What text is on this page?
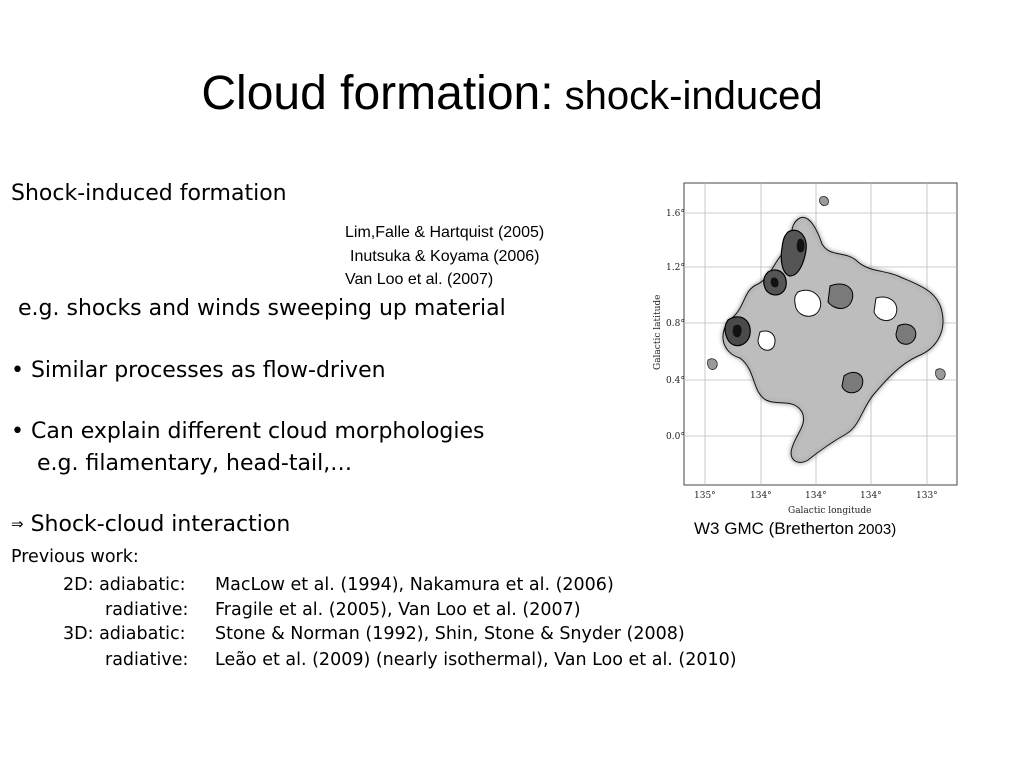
Cloud formation: shock-induced
Shock-induced formation
Lim,Falle & Hartquist (2005)
Inutsuka & Koyama (2006)
Van Loo et al. (2007)
e.g. shocks and winds sweeping up material
• Similar processes as flow-driven
• Can explain different cloud morphologies
e.g. filamentary, head-tail,…
⇒ Shock-cloud interaction
Previous work:
2D: adiabatic: MacLow et al. (1994), Nakamura et al. (2006)
radiative: Fragile et al. (2005), Van Loo et al. (2007)
3D: adiabatic: Stone & Norman (1992), Shin, Stone & Snyder (2008)
radiative: Leão et al. (2009) (nearly isothermal), Van Loo et al. (2010)
Galactic latitude
Galactic longitude
1.6°
1.2°
0.8°
0.4°
0.0°
135°	134°	134°	134°	133°
W3 GMC (Bretherton 2003)
